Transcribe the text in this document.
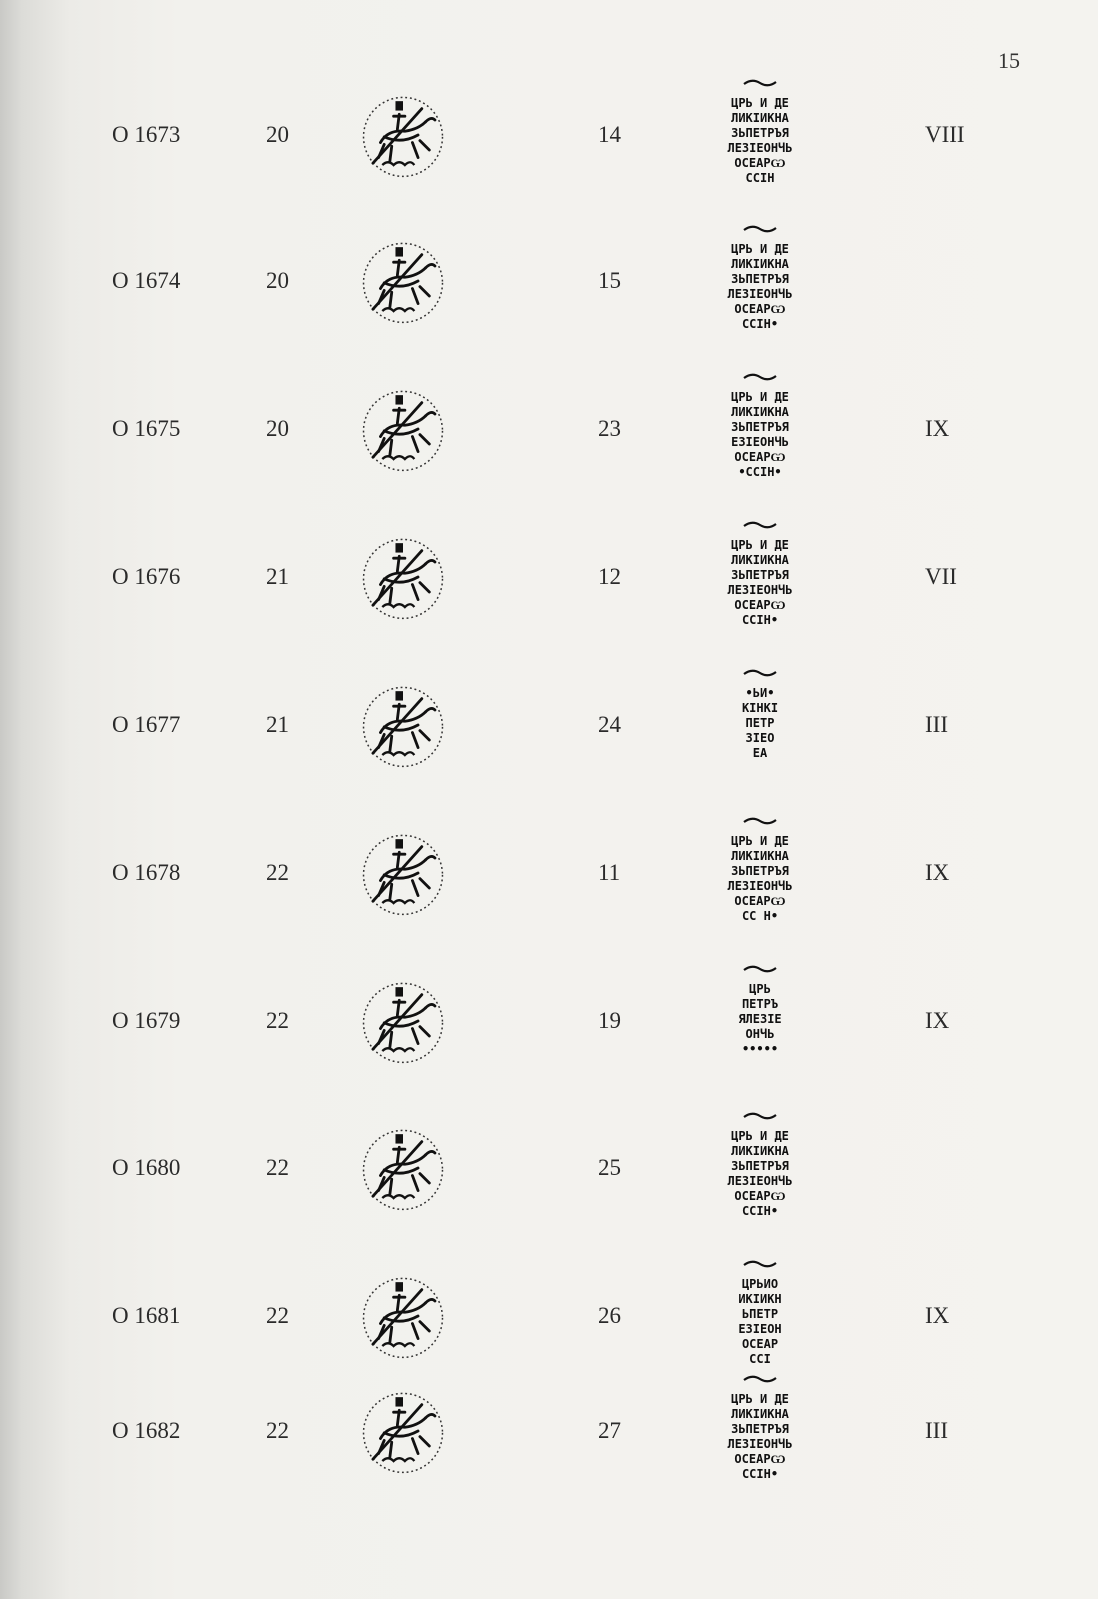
15
O 1673	20	14
ЦРЬ И ДЕ
ЛИКІИКНА
ЗЬПЕТРЪЯ
ЛЕЗІЕОНЧЬ
ОСЕАРѠ
ССІН
VIII
O 1674	20	15
ЦРЬ И ДЕ
ЛИКІИКНА
ЗЬПЕТРЪЯ
ЛЕЗІЕОНЧЬ
ОСЕАРѠ
ССІН•
O 1675	20	23
ЦРЬ И ДЕ
ЛИКІИКНА
ЗЬПЕТРЪЯ
ЕЗІЕОНЧЬ
ОСЕАРѠ
•ССІН•
IX
O 1676	21	12
ЦРЬ И ДЕ
ЛИКІИКНА
ЗЬПЕТРЪЯ
ЛЕЗІЕОНЧЬ
ОСЕАРѠ
ССІН•
VII
O 1677	21	24
•ЬИ•
КІНКІ
ПЕТР
ЗІЕО
ЕА
III
O 1678	22	11
ЦРЬ И ДЕ
ЛИКІИКНА
ЗЬПЕТРЪЯ
ЛЕЗІЕОНЧЬ
ОСЕАРѠ
СС Н•
IX
O 1679	22	19
ЦРЬ
ПЕТРЪ
ЯЛЕЗІЕ
ОНЧЬ
•••••
IX
O 1680	22	25
ЦРЬ И ДЕ
ЛИКІИКНА
ЗЬПЕТРЪЯ
ЛЕЗІЕОНЧЬ
ОСЕАРѠ
ССІН•
O 1681	22	26
ЦРЬИО
ИКІИКН
ЬПЕТР
ЕЗІЕОН
ОСЕАР
ССІ
IX
O 1682	22	27
ЦРЬ И ДЕ
ЛИКІИКНА
ЗЬПЕТРЪЯ
ЛЕЗІЕОНЧЬ
ОСЕАРѠ
ССІН•
III
